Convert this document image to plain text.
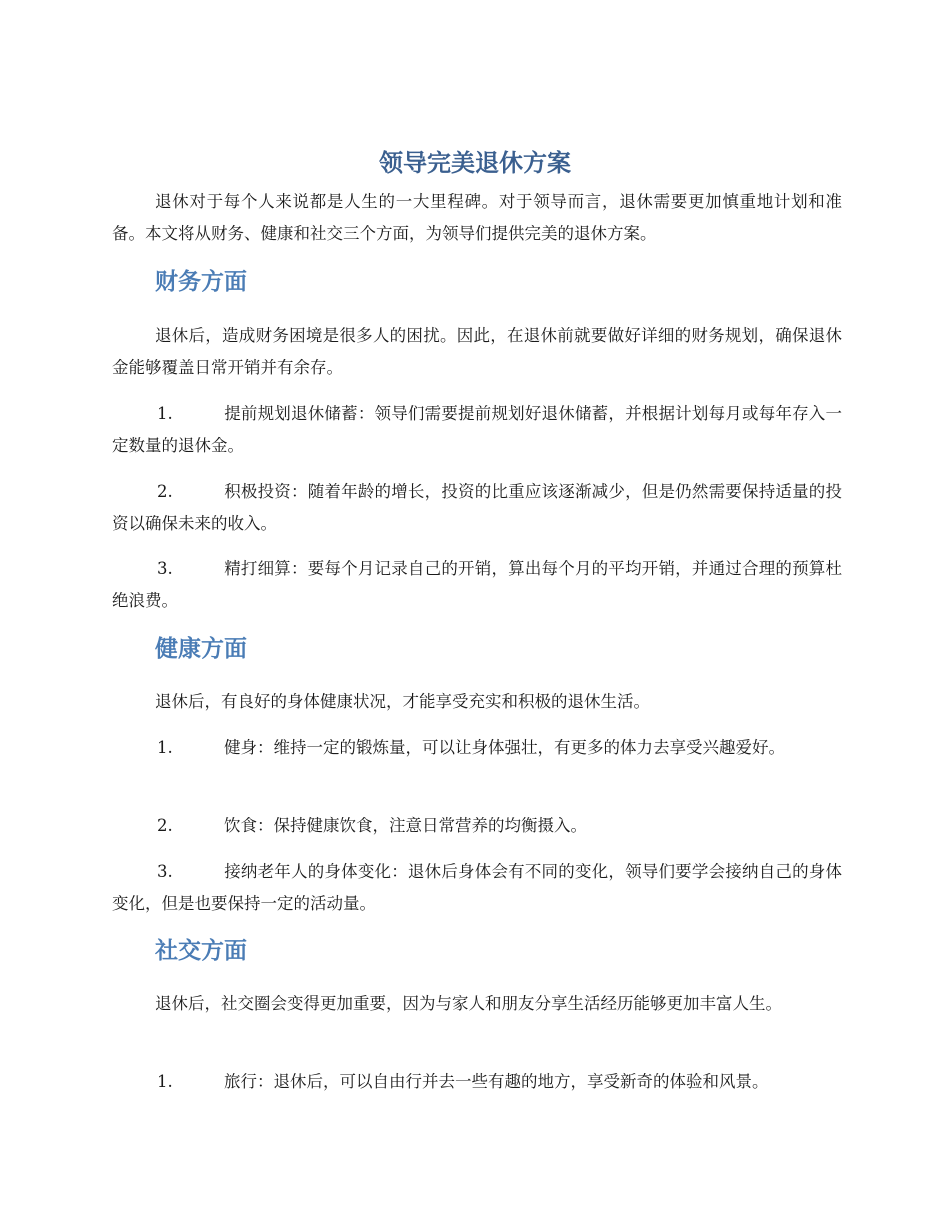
领导完美退休方案
退休对于每个人来说都是人生的一大里程碑。对于领导而言，退休需要更加慎重地计划和准备。本文将从财务、健康和社交三个方面，为领导们提供完美的退休方案。
财务方面
退休后，造成财务困境是很多人的困扰。因此，在退休前就要做好详细的财务规划，确保退休金能够覆盖日常开销并有余存。
1.	提前规划退休储蓄：领导们需要提前规划好退休储蓄，并根据计划每月或每年存入一定数量的退休金。
2.	积极投资：随着年龄的增长，投资的比重应该逐渐减少，但是仍然需要保持适量的投资以确保未来的收入。
3.	精打细算：要每个月记录自己的开销，算出每个月的平均开销，并通过合理的预算杜绝浪费。
健康方面
退休后，有良好的身体健康状况，才能享受充实和积极的退休生活。
1.	健身：维持一定的锻炼量，可以让身体强壮，有更多的体力去享受兴趣爱好。
2.	饮食：保持健康饮食，注意日常营养的均衡摄入。
3.	接纳老年人的身体变化：退休后身体会有不同的变化，领导们要学会接纳自己的身体变化，但是也要保持一定的活动量。
社交方面
退休后，社交圈会变得更加重要，因为与家人和朋友分享生活经历能够更加丰富人生。
1.	旅行：退休后，可以自由行并去一些有趣的地方，享受新奇的体验和风景。
